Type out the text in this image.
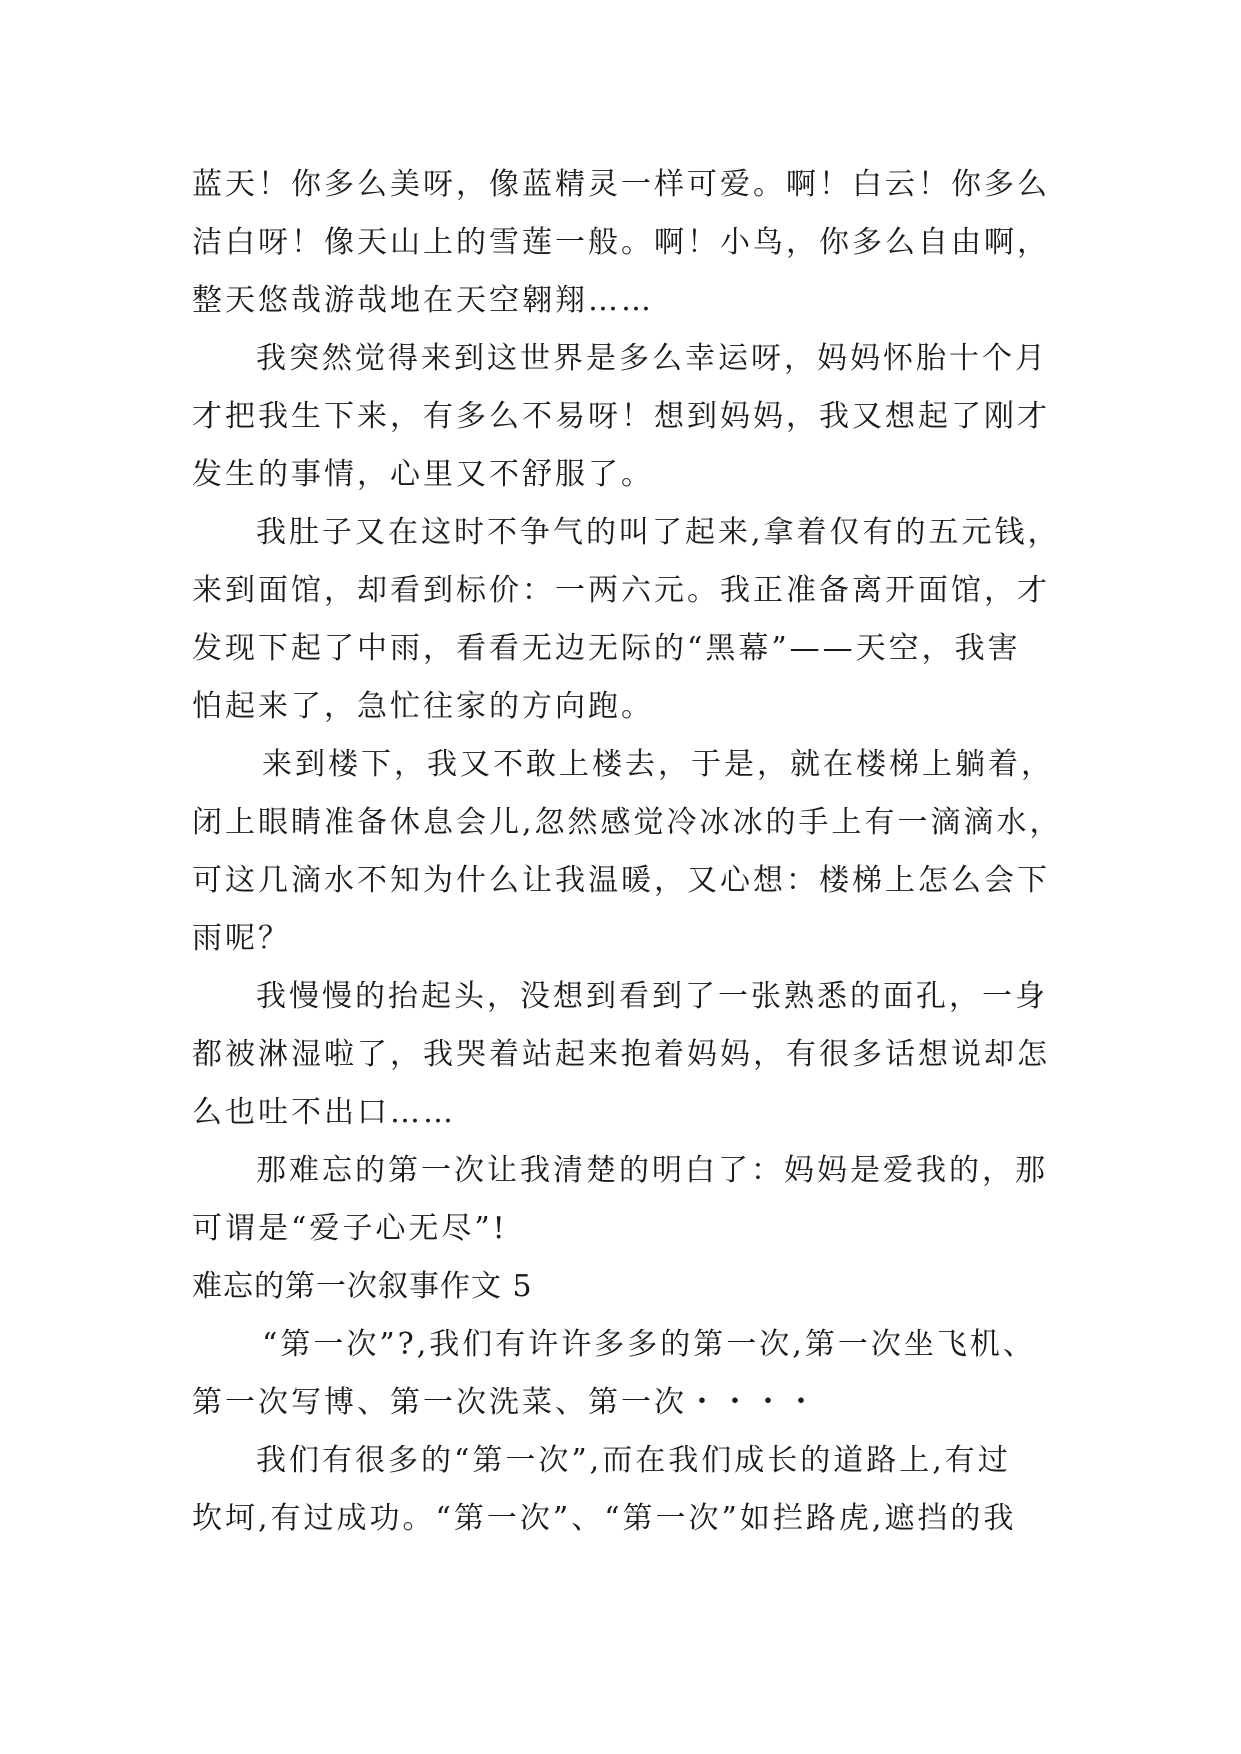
蓝天！你多么美呀，像蓝精灵一样可爱。啊！白云！你多么
洁白呀！像天山上的雪莲一般。啊！小鸟，你多么自由啊，
整天悠哉游哉地在天空翱翔……
我突然觉得来到这世界是多么幸运呀，妈妈怀胎十个月
才把我生下来，有多么不易呀！想到妈妈，我又想起了刚才
发生的事情，心里又不舒服了。
我肚子又在这时不争气的叫了起来,拿着仅有的五元钱，
来到面馆，却看到标价：一两六元。我正准备离开面馆，才
发现下起了中雨，看看无边无际的“黑幕”——天空，我害
怕起来了，急忙往家的方向跑。
来到楼下，我又不敢上楼去，于是，就在楼梯上躺着，
闭上眼睛准备休息会儿,忽然感觉冷冰冰的手上有一滴滴水，
可这几滴水不知为什么让我温暖，又心想：楼梯上怎么会下
雨呢？
我慢慢的抬起头，没想到看到了一张熟悉的面孔，一身
都被淋湿啦了，我哭着站起来抱着妈妈，有很多话想说却怎
么也吐不出口……
那难忘的第一次让我清楚的明白了：妈妈是爱我的，那
可谓是“爱子心无尽”!
难忘的第一次叙事作文 5
“第一次”?,我们有许许多多的第一次,第一次坐飞机、
第一次写博、第一次洗菜、第一次・・・・
我们有很多的“第一次”,而在我们成长的道路上,有过
坎坷,有过成功。“第一次”、“第一次”如拦路虎,遮挡的我
